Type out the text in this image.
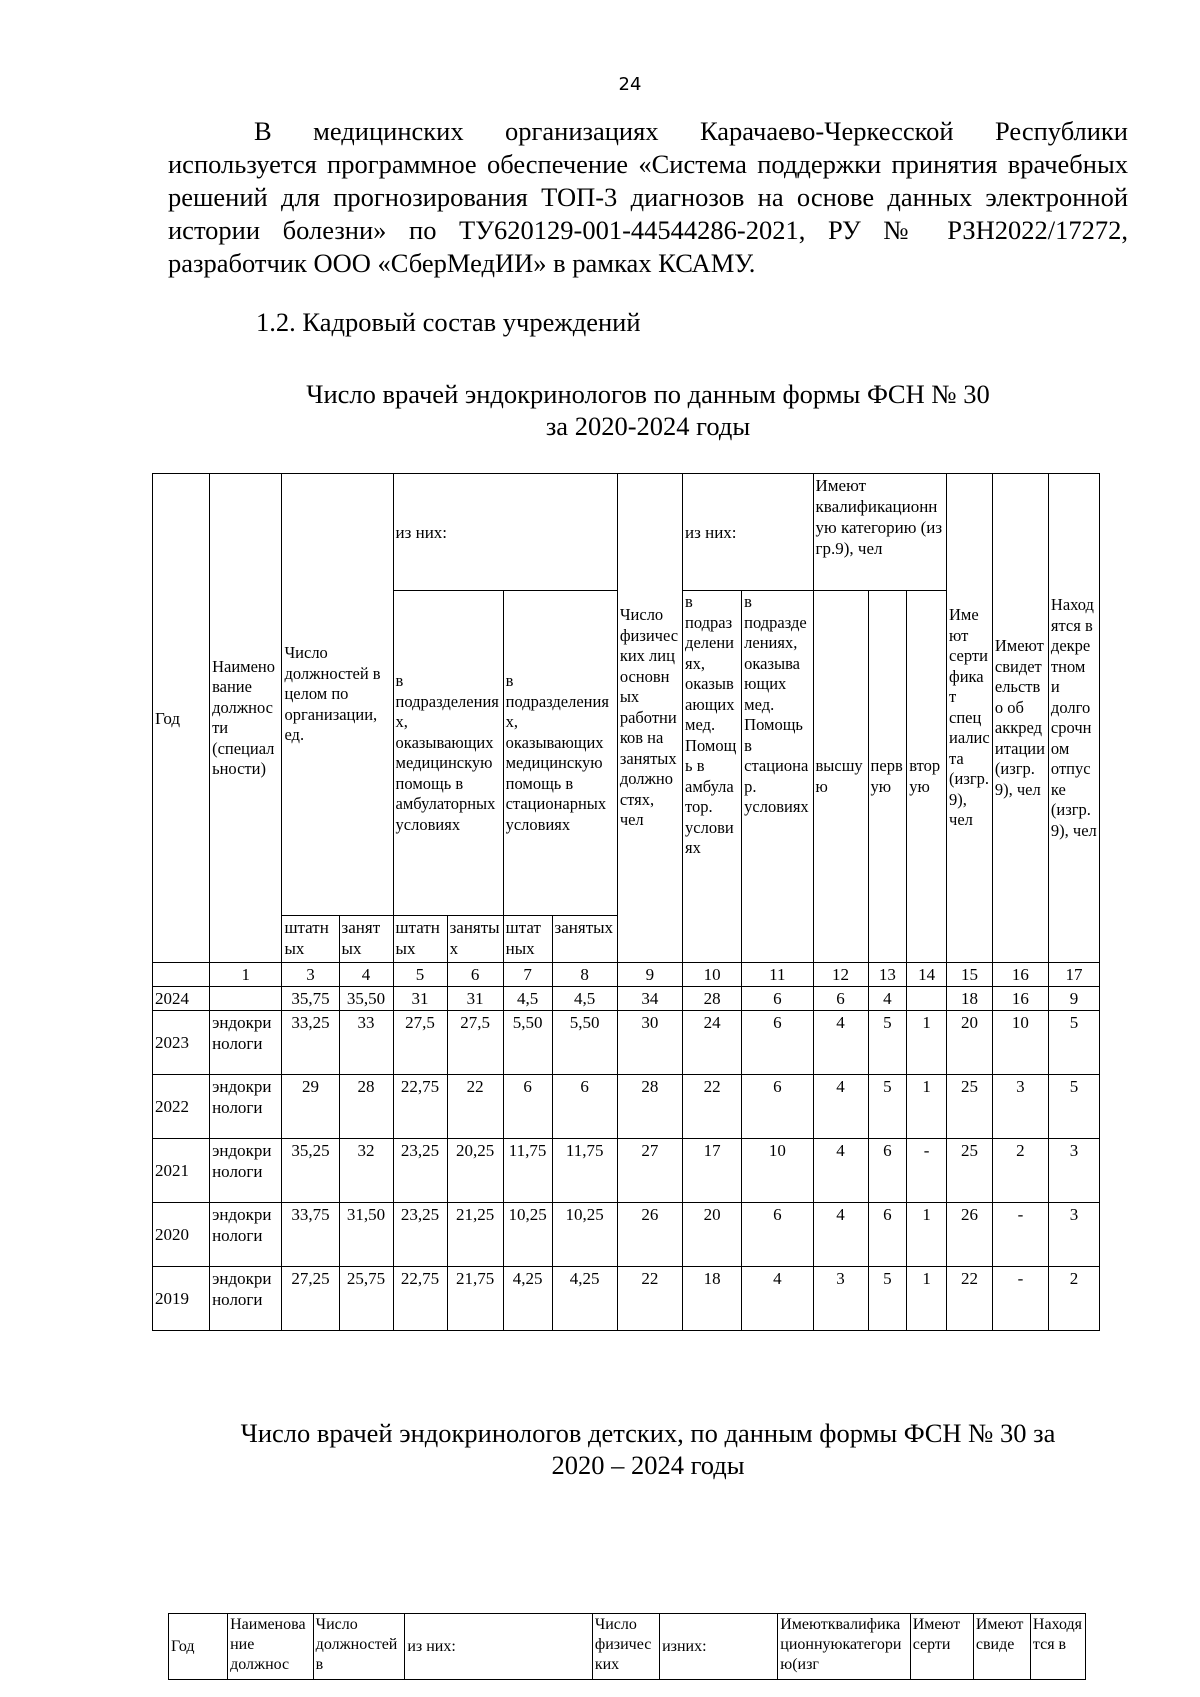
24

В медицинских организациях Карачаево-Черкесской Республики используется программное обеспечение «Система поддержки принятия врачебных решений для прогнозирования ТОП-3 диагнозов на основе данных электронной истории болезни» по ТУ620129-001-44544286-2021, РУ № РЗН2022/17272, разработчик ООО «СберМедИИ» в рамках КСАМУ.

1.2. Кадровый состав учреждений
Число врачей эндокринологов по данным формы ФСН № 30
за 2020-2024 годы
Год	Наименование должности (специальности)	Число должностей в целом по организации, ед.		из них:				Число физических лиц основных работников на занятых должностях, чел	из них:		Имеют квалификационную категорию (из гр.9), чел			Имеют сертификат специалиста (изгр.9), чел	Имеют свидетельство об аккредитации (изгр. 9), чел	Находятся в декретном и долгосрочном отпуске (изгр.9), чел
				в подразделениях, оказывающих медицинскую помощь в амбулаторных условиях		в подразделениях, оказывающих медицинскую помощь в стационарных условиях			в подразделениях, оказывающих мед. Помощь в амбулатор. условиях	в подразделениях, оказывающих мед. Помощь в стационар. условиях	высшую	первую	вторую			
		штатных	занятых	штатных	занятых	штатных	занятых									
	1	3	4	5	6	7	8	9	10	11	12	13	14	15	16	17
2024		35,75	35,50	31	31	4,5	4,5	34	28	6	6	4		18	16	9
2023	эндокринологи	33,25	33	27,5	27,5	5,50	5,50	30	24	6	4	5	1	20	10	5
2022	эндокринологи	29	28	22,75	22	6	6	28	22	6	4	5	1	25	3	5
2021	эндокринологи	35,25	32	23,25	20,25	11,75	11,75	27	17	10	4	6	-	25	2	3
2020	эндокринологи	33,75	31,50	23,25	21,25	10,25	10,25	26	20	6	4	6	1	26	-	3
2019	эндокринологи	27,25	25,75	22,75	21,75	4,25	4,25	22	18	4	3	5	1	22	-	2
Число врачей эндокринологов детских, по данным формы ФСН № 30 за
2020 – 2024 годы
Год	Наименование должнос	Число должностей в	из них:	Число физических	изних:	Имеютквалификационнуюкатегорию(изг	Имеют серти	Имеют свиде	Находятся в
